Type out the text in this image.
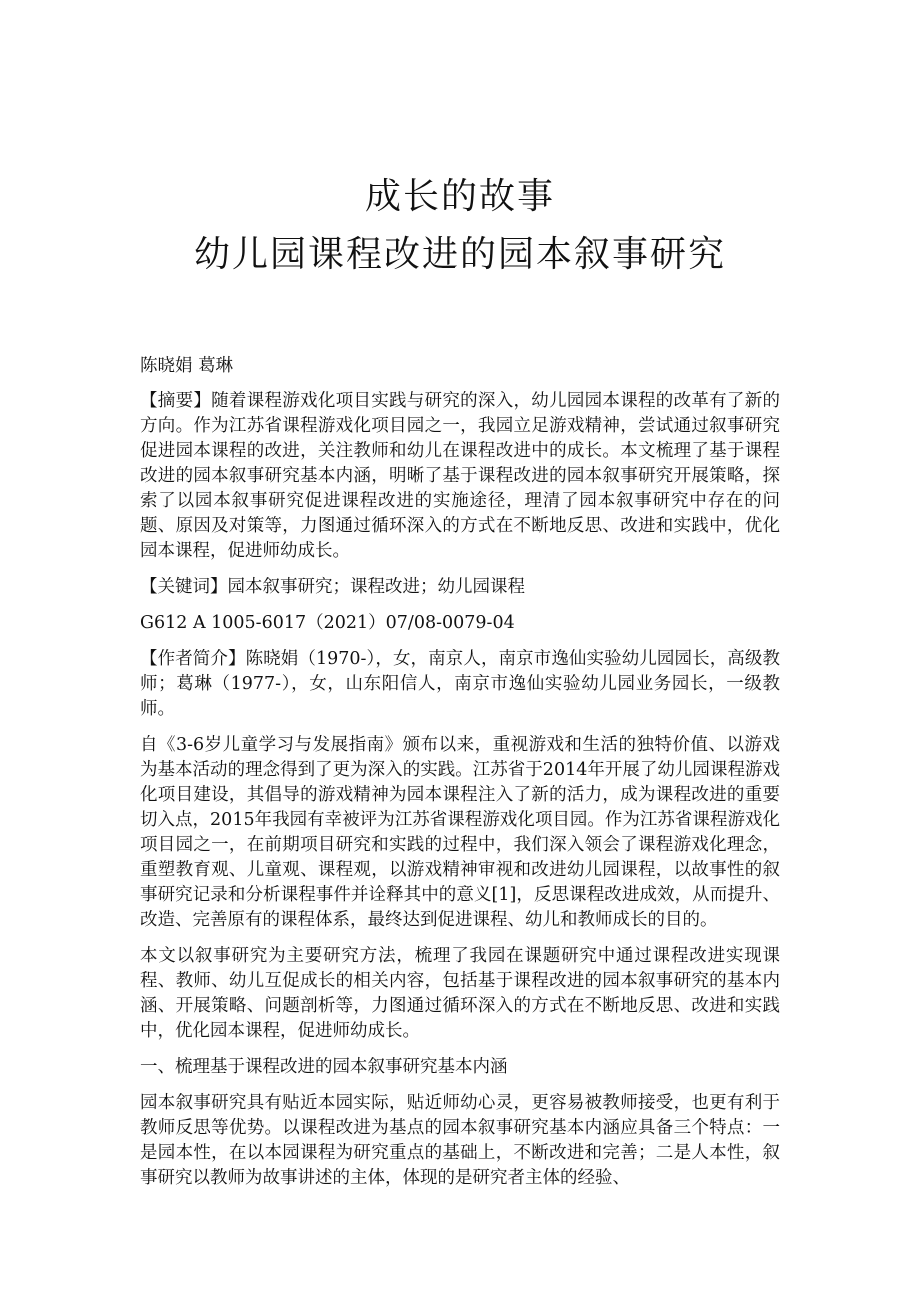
成长的故事
幼儿园课程改进的园本叙事研究

陈晓娟 葛琳

【摘要】随着课程游戏化项目实践与研究的深入，幼儿园园本课程的改革有了新的方向。作为江苏省课程游戏化项目园之一，我园立足游戏精神，尝试通过叙事研究促进园本课程的改进，关注教师和幼儿在课程改进中的成长。本文梳理了基于课程改进的园本叙事研究基本内涵，明晰了基于课程改进的园本叙事研究开展策略，探索了以园本叙事研究促进课程改进的实施途径，理清了园本叙事研究中存在的问题、原因及对策等，力图通过循环深入的方式在不断地反思、改进和实践中，优化园本课程，促进师幼成长。

【关键词】园本叙事研究；课程改进；幼儿园课程

G612 A 1005-6017（2021）07/08-0079-04

【作者简介】陈晓娟（1970-），女，南京人，南京市逸仙实验幼儿园园长，高级教师；葛琳（1977-），女，山东阳信人，南京市逸仙实验幼儿园业务园长，一级教师。

自《3-6岁儿童学习与发展指南》颁布以来，重视游戏和生活的独特价值、以游戏为基本活动的理念得到了更为深入的实践。江苏省于2014年开展了幼儿园课程游戏化项目建设，其倡导的游戏精神为园本课程注入了新的活力，成为课程改进的重要切入点，2015年我园有幸被评为江苏省课程游戏化项目园。作为江苏省课程游戏化项目园之一，在前期项目研究和实践的过程中，我们深入领会了课程游戏化理念，重塑教育观、儿童观、课程观，以游戏精神审视和改进幼儿园课程，以故事性的叙事研究记录和分析课程事件并诠释其中的意义[1]，反思课程改进成效，从而提升、改造、完善原有的课程体系，最终达到促进课程、幼儿和教师成长的目的。

本文以叙事研究为主要研究方法，梳理了我园在课题研究中通过课程改进实现课程、教师、幼儿互促成长的相关内容，包括基于课程改进的园本叙事研究的基本内涵、开展策略、问题剖析等，力图通过循环深入的方式在不断地反思、改进和实践中，优化园本课程，促进师幼成长。

一、梳理基于课程改进的园本叙事研究基本内涵

园本叙事研究具有贴近本园实际，贴近师幼心灵，更容易被教师接受，也更有利于教师反思等优势。以课程改进为基点的园本叙事研究基本内涵应具备三个特点：一是园本性，在以本园课程为研究重点的基础上，不断改进和完善；二是人本性，叙事研究以教师为故事讲述的主体，体现的是研究者主体的经验、
